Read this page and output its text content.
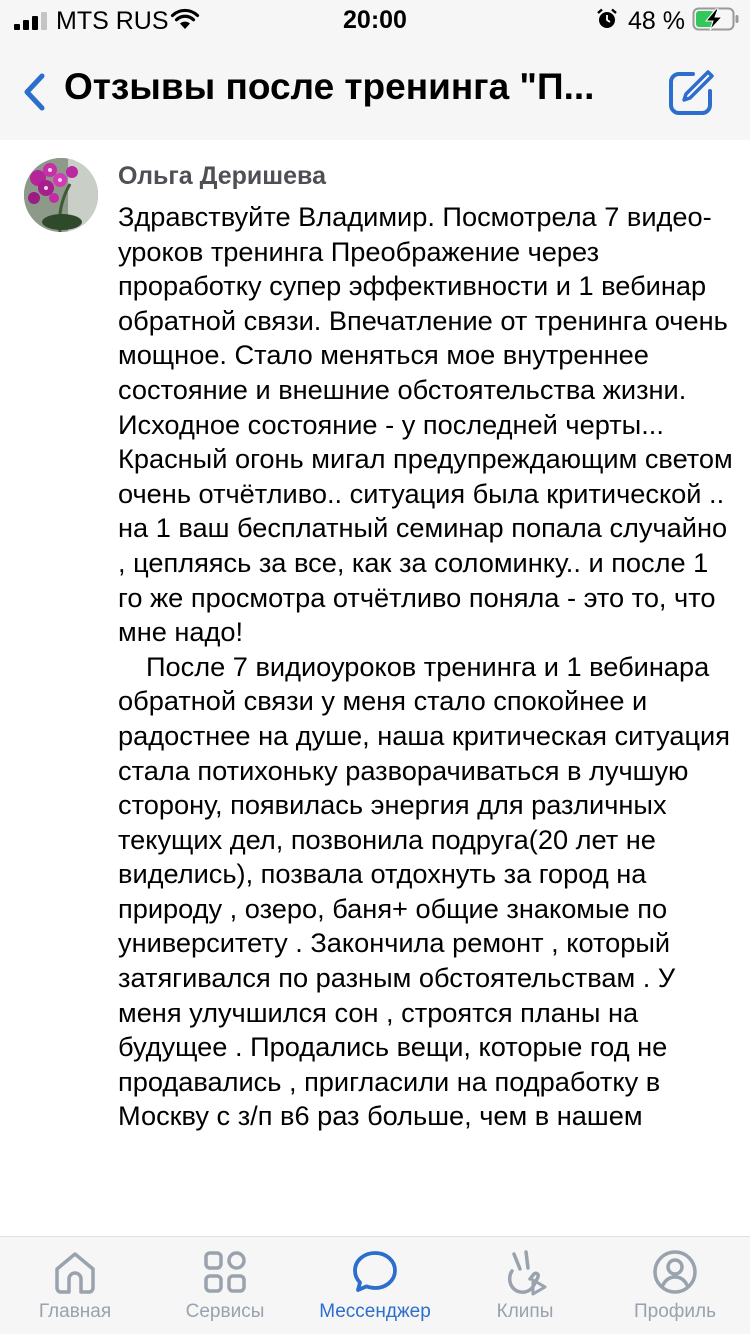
MTS RUS	20:00	48 %
Отзывы после тренинга "П...
Ольга Деришева

Здравствуйте Владимир. Посмотрела 7 видео-уроков тренинга Преображение через проработку супер эффективности и 1 вебинар обратной связи. Впечатление от тренинга очень мощное. Стало меняться мое внутреннее состояние и внешние обстоятельства жизни. Исходное состояние - у последней черты... Красный огонь мигал предупреждающим светом очень отчётливо.. ситуация была критической .. на 1 ваш бесплатный семинар попала случайно , цепляясь за все, как за соломинку.. и после 1 го же просмотра отчётливо поняла - это то, что мне надо!

После 7 видиоуроков тренинга и 1 вебинара обратной связи у меня стало спокойнее и радостнее на душе, наша критическая ситуация стала потихоньку разворачиваться в лучшую сторону, появилась энергия для различных текущих дел, позвонила подруга(20 лет не виделись), позвала отдохнуть за город на природу , озеро, баня+ общие знакомые по университету . Закончила ремонт , который затягивался по разным обстоятельствам . У меня улучшился сон , строятся планы на будущее . Продались вещи, которые год не продавались , пригласили на подработку в Москву с з/п в6 раз больше, чем в нашем

Главная	Сервисы	Мессенджер	Клипы	Профиль
